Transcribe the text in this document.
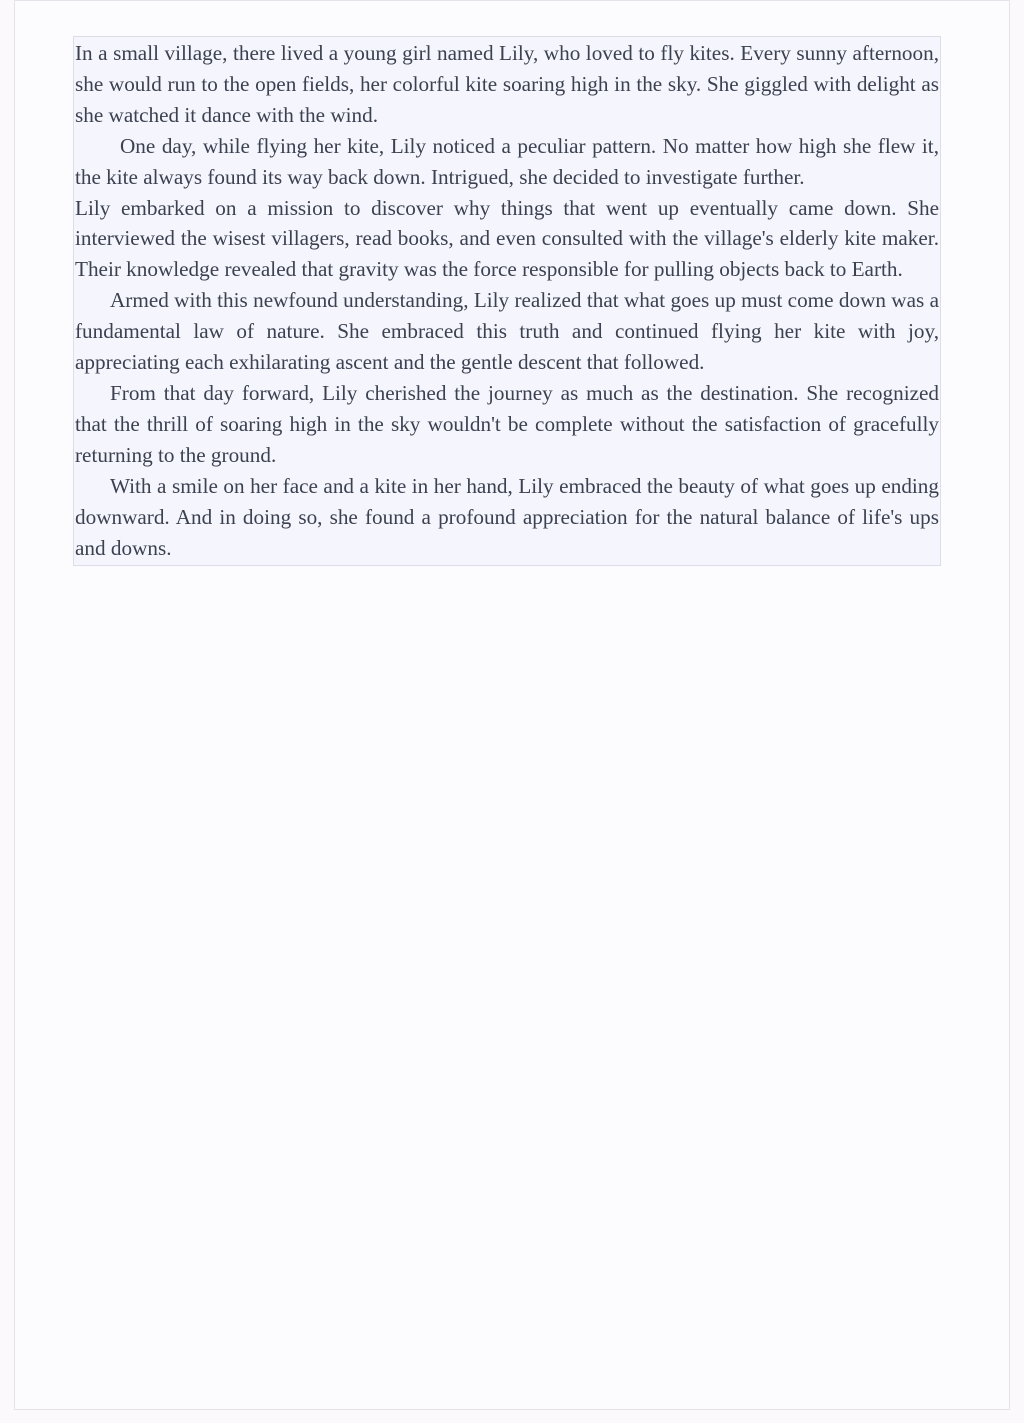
In a small village, there lived a young girl named Lily, who loved to fly kites. Every sunny afternoon, she would run to the open fields, her colorful kite soaring high in the sky. She giggled with delight as she watched it dance with the wind.

One day, while flying her kite, Lily noticed a peculiar pattern. No matter how high she flew it, the kite always found its way back down. Intrigued, she decided to investigate further.

Lily embarked on a mission to discover why things that went up eventually came down. She interviewed the wisest villagers, read books, and even consulted with the village's elderly kite maker. Their knowledge revealed that gravity was the force responsible for pulling objects back to Earth.

Armed with this newfound understanding, Lily realized that what goes up must come down was a fundamental law of nature. She embraced this truth and continued flying her kite with joy, appreciating each exhilarating ascent and the gentle descent that followed.

From that day forward, Lily cherished the journey as much as the destination. She recognized that the thrill of soaring high in the sky wouldn't be complete without the satisfaction of gracefully returning to the ground.

With a smile on her face and a kite in her hand, Lily embraced the beauty of what goes up ending downward. And in doing so, she found a profound appreciation for the natural balance of life's ups and downs.
